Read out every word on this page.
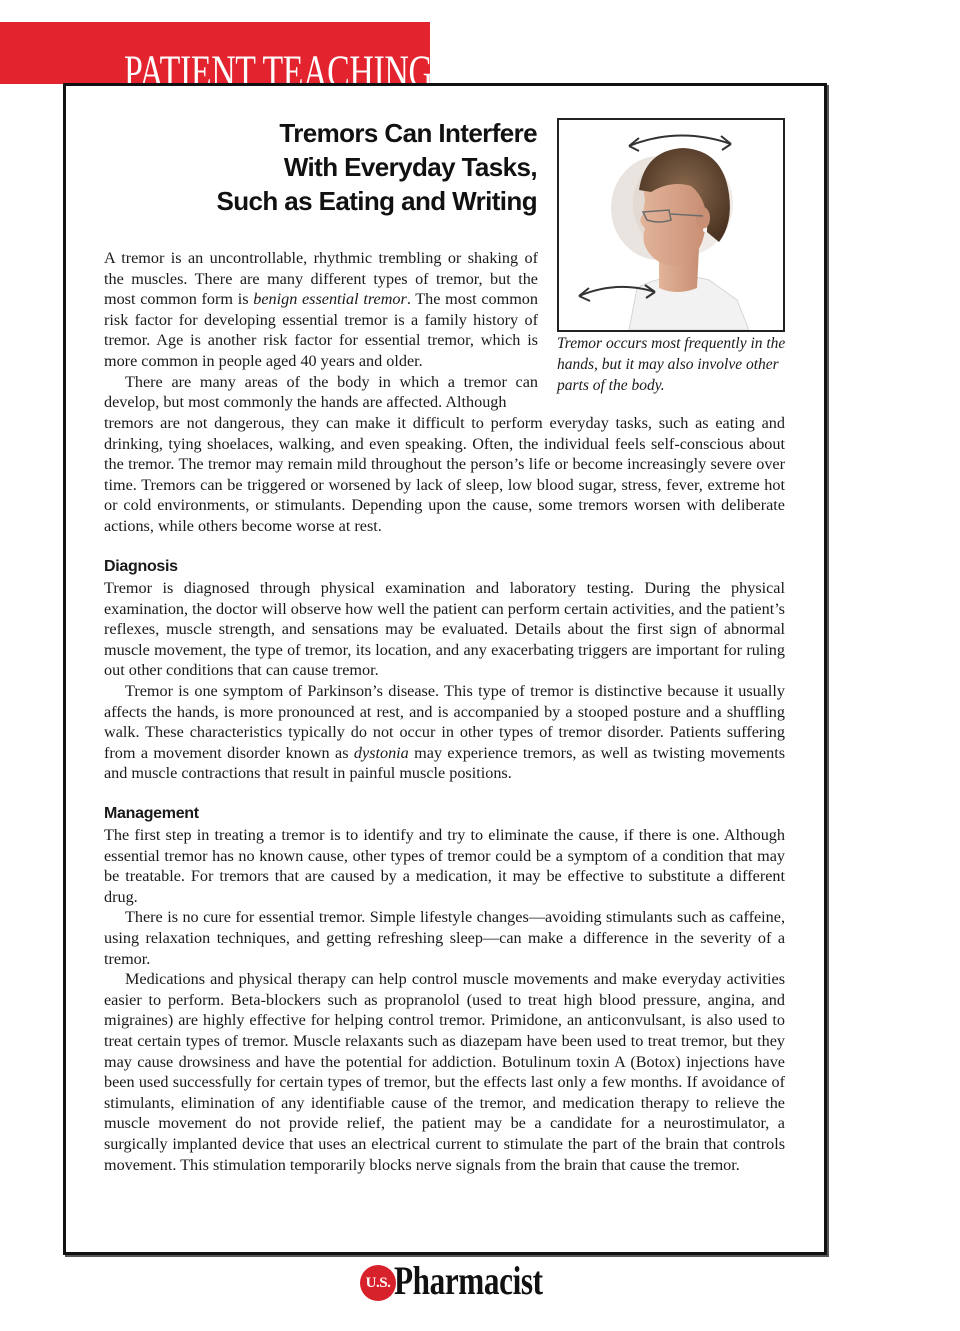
PATIENT TEACHING AID
Tremors Can Interfere
With Everyday Tasks,
Such as Eating and Writing
Tremor occurs most frequently in the hands, but it may also involve other parts of the body.

A tremor is an uncontrollable, rhythmic trembling or shaking of the muscles. There are many different types of tremor, but the most common form is benign essential tremor. The most common risk factor for developing essential tremor is a family history of tremor. Age is another risk factor for essential tremor, which is more common in people aged 40 years and older.

There are many areas of the body in which a tremor can develop, but most commonly the hands are affected. Although

tremors are not dangerous, they can make it difficult to perform everyday tasks, such as eating and drinking, tying shoelaces, walking, and even speaking. Often, the individual feels self-conscious about the tremor. The tremor may remain mild throughout the person’s life or become increasingly severe over time. Tremors can be triggered or worsened by lack of sleep, low blood sugar, stress, fever, extreme hot or cold environments, or stimulants. Depending upon the cause, some tremors worsen with deliberate actions, while others become worse at rest.

Diagnosis

Tremor is diagnosed through physical examination and laboratory testing. During the physical examination, the doctor will observe how well the patient can perform certain activities, and the patient’s reflexes, muscle strength, and sensations may be evaluated. Details about the first sign of abnormal muscle movement, the type of tremor, its location, and any exacerbating triggers are important for ruling out other conditions that can cause tremor.

Tremor is one symptom of Parkinson’s disease. This type of tremor is distinctive because it usually affects the hands, is more pronounced at rest, and is accompanied by a stooped posture and a shuffling walk. These characteristics typically do not occur in other types of tremor disorder. Patients suffering from a movement disorder known as dystonia may experience tremors, as well as twisting movements and muscle contractions that result in painful muscle positions.

Management

The first step in treating a tremor is to identify and try to eliminate the cause, if there is one. Although essential tremor has no known cause, other types of tremor could be a symptom of a condition that may be treatable. For tremors that are caused by a medication, it may be effective to substitute a different drug.

There is no cure for essential tremor. Simple lifestyle changes—avoiding stimulants such as caffeine, using relaxation techniques, and getting refreshing sleep—can make a difference in the severity of a tremor.

Medications and physical therapy can help control muscle movements and make everyday activities easier to perform. Beta-blockers such as propranolol (used to treat high blood pressure, angina, and migraines) are highly effective for helping control tremor. Primidone, an anticonvulsant, is also used to treat certain types of tremor. Muscle relaxants such as diazepam have been used to treat tremor, but they may cause drowsiness and have the potential for addiction. Botulinum toxin A (Botox) injections have been used successfully for certain types of tremor, but the effects last only a few months. If avoidance of stimulants, elimination of any identifiable cause of the tremor, and medication therapy to relieve the muscle movement do not provide relief, the patient may be a candidate for a neurostimulator, a surgically implanted device that uses an electrical current to stimulate the part of the brain that controls movement. This stimulation temporarily blocks nerve signals from the brain that cause the tremor.

U.S. Pharmacist
